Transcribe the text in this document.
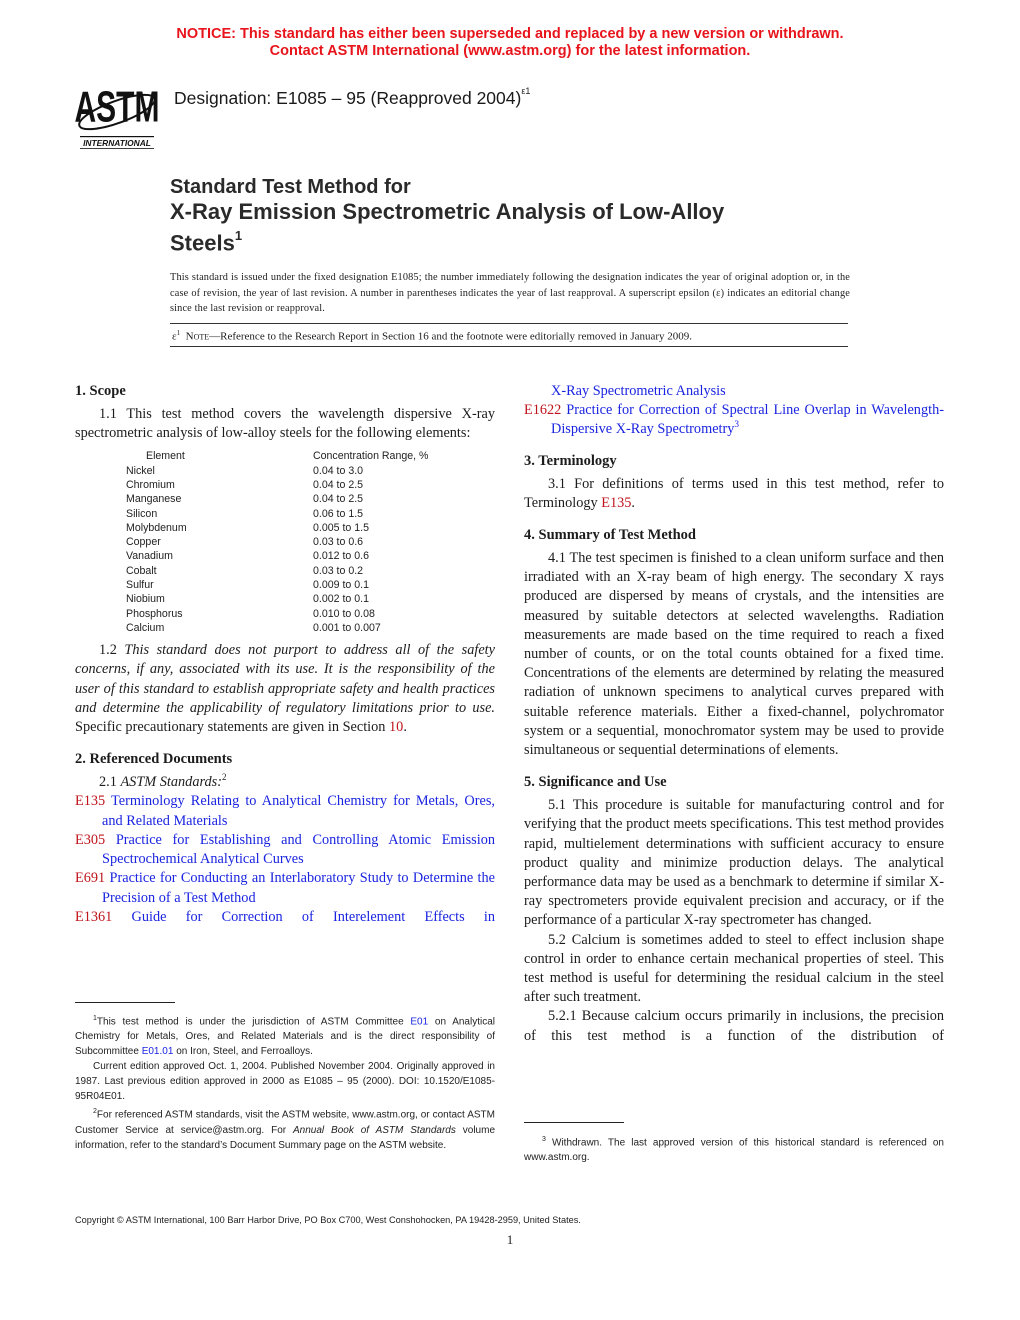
NOTICE: This standard has either been superseded and replaced by a new version or withdrawn.
Contact ASTM International (www.astm.org) for the latest information.
ASTM
INTERNATIONAL
Designation: E1085 – 95 (Reapproved 2004)$^{\varepsilon 1}$
Standard Test Method for
X-Ray Emission Spectrometric Analysis of Low-Alloy
Steels$^1$
This standard is issued under the fixed designation E1085; the number immediately following the designation indicates the year of original adoption or, in the case of revision, the year of last revision. A number in parentheses indicates the year of last reapproval. A superscript epsilon (ε) indicates an editorial change since the last revision or reapproval.
$\varepsilon^1$ Note—Reference to the Research Report in Section 16 and the footnote were editorially removed in January 2009.
1. Scope

1.1 This test method covers the wavelength dispersive X-ray spectrometric analysis of low-alloy steels for the following elements:

Element	Concentration Range, %
Nickel	0.04 to 3.0
Chromium	0.04 to 2.5
Manganese	0.04 to 2.5
Silicon	0.06 to 1.5
Molybdenum	0.005 to 1.5
Copper	0.03 to 0.6
Vanadium	0.012 to 0.6
Cobalt	0.03 to 0.2
Sulfur	0.009 to 0.1
Niobium	0.002 to 0.1
Phosphorus	0.010 to 0.08
Calcium	0.001 to 0.007

1.2 This standard does not purport to address all of the safety concerns, if any, associated with its use. It is the responsibility of the user of this standard to establish appropriate safety and health practices and determine the applicability of regulatory limitations prior to use. Specific precautionary statements are given in Section 10.

2. Referenced Documents

2.1 ASTM Standards:$^2$

E135 Terminology Relating to Analytical Chemistry for Metals, Ores, and Related Materials

E305 Practice for Establishing and Controlling Atomic Emission Spectrochemical Analytical Curves

E691 Practice for Conducting an Interlaboratory Study to Determine the Precision of a Test Method

E1361 Guide for Correction of Interelement Effects in

$^1$This test method is under the jurisdiction of ASTM Committee E01 on Analytical Chemistry for Metals, Ores, and Related Materials and is the direct responsibility of Subcommittee E01.01 on Iron, Steel, and Ferroalloys.

Current edition approved Oct. 1, 2004. Published November 2004. Originally approved in 1987. Last previous edition approved in 2000 as E1085 – 95 (2000). DOI: 10.1520/E1085-95R04E01.

$^2$For referenced ASTM standards, visit the ASTM website, www.astm.org, or contact ASTM Customer Service at service@astm.org. For Annual Book of ASTM Standards volume information, refer to the standard’s Document Summary page on the ASTM website.

X-Ray Spectrometric Analysis

E1622 Practice for Correction of Spectral Line Overlap in Wavelength-Dispersive X-Ray Spectrometry$^3$

3. Terminology

3.1 For definitions of terms used in this test method, refer to Terminology E135.

4. Summary of Test Method

4.1 The test specimen is finished to a clean uniform surface and then irradiated with an X-ray beam of high energy. The secondary X rays produced are dispersed by means of crystals, and the intensities are measured by suitable detectors at selected wavelengths. Radiation measurements are made based on the time required to reach a fixed number of counts, or on the total counts obtained for a fixed time. Concentrations of the elements are determined by relating the measured radiation of unknown specimens to analytical curves prepared with suitable reference materials. Either a fixed-channel, polychromator system or a sequential, monochromator system may be used to provide simultaneous or sequential determinations of elements.

5. Significance and Use

5.1 This procedure is suitable for manufacturing control and for verifying that the product meets specifications. This test method provides rapid, multielement determinations with sufficient accuracy to ensure product quality and minimize production delays. The analytical performance data may be used as a benchmark to determine if similar X-ray spectrometers provide equivalent precision and accuracy, or if the performance of a particular X-ray spectrometer has changed.

5.2 Calcium is sometimes added to steel to effect inclusion shape control in order to enhance certain mechanical properties of steel. This test method is useful for determining the residual calcium in the steel after such treatment.

5.2.1 Because calcium occurs primarily in inclusions, the precision of this test method is a function of the distribution of

$^3$ Withdrawn. The last approved version of this historical standard is referenced on www.astm.org.

Copyright © ASTM International, 100 Barr Harbor Drive, PO Box C700, West Conshohocken, PA 19428-2959, United States.
1
